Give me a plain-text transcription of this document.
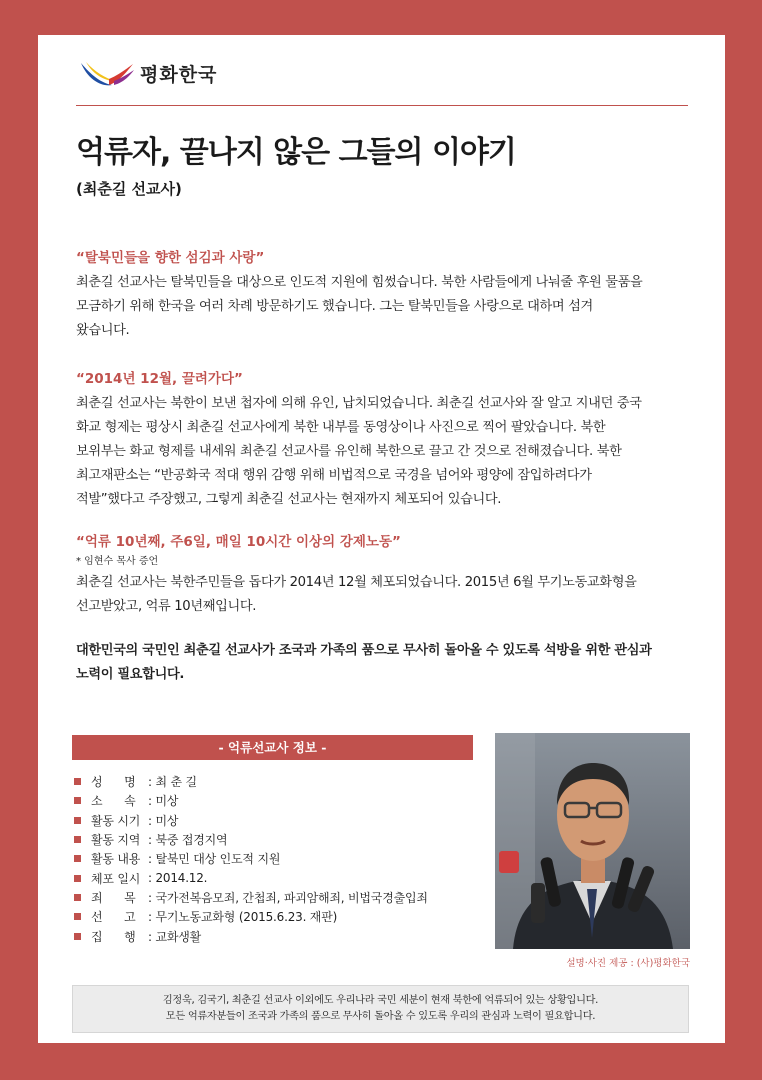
평화한국
억류자, 끝나지 않은 그들의 이야기
(최춘길 선교사)
“탈북민들을 향한 섬김과 사랑”
최춘길 선교사는 탈북민들을 대상으로 인도적 지원에 힘썼습니다. 북한 사람들에게 나눠줄 후원 물품을
모금하기 위해 한국을 여러 차례 방문하기도 했습니다. 그는 탈북민들을 사랑으로 대하며 섬겨
왔습니다.
“2014년 12월, 끌려가다”
최춘길 선교사는 북한이 보낸 첩자에 의해 유인, 납치되었습니다. 최춘길 선교사와 잘 알고 지내던 중국
화교 형제는 평상시 최춘길 선교사에게 북한 내부를 동영상이나 사진으로 찍어 팔았습니다. 북한
보위부는 화교 형제를 내세워 최춘길 선교사를 유인해 북한으로 끌고 간 것으로 전해졌습니다. 북한
최고재판소는 “반공화국 적대 행위 감행 위해 비법적으로 국경을 넘어와 평양에 잠입하려다가
적발”했다고 주장했고, 그렇게 최춘길 선교사는 현재까지 체포되어 있습니다.
“억류 10년째, 주6일, 매일 10시간 이상의 강제노동”
* 임현수 목사 증언
최춘길 선교사는 북한주민들을 돕다가 2014년 12월 체포되었습니다. 2015년 6월 무기노동교화형을
선고받았고, 억류 10년째입니다.
대한민국의 국민인 최춘길 선교사가 조국과 가족의 품으로 무사히 돌아올 수 있도록 석방을 위한 관심과
노력이 필요합니다.
- 억류선교사 정보 -
성      명	: 최 춘 길
소      속	: 미상
활동 시기 : 미상
활동 지역 : 북중 접경지역
활동 내용 : 탈북민 대상 인도적 지원
체포 일시 : 2014.12.
죄      목	: 국가전복음모죄, 간첩죄, 파괴암해죄, 비법국경출입죄
선      고	: 무기노동교화형 (2015.6.23. 재판)
집      행	: 교화생활
설명·사진 제공 : (사)평화한국

김정욱, 김국기, 최춘길 선교사 이외에도 우리나라 국민 세분이 현재 북한에 억류되어 있는 상황입니다.

모든 억류자분들이 조국과 가족의 품으로 무사히 돌아올 수 있도록 우리의 관심과 노력이 필요합니다.
